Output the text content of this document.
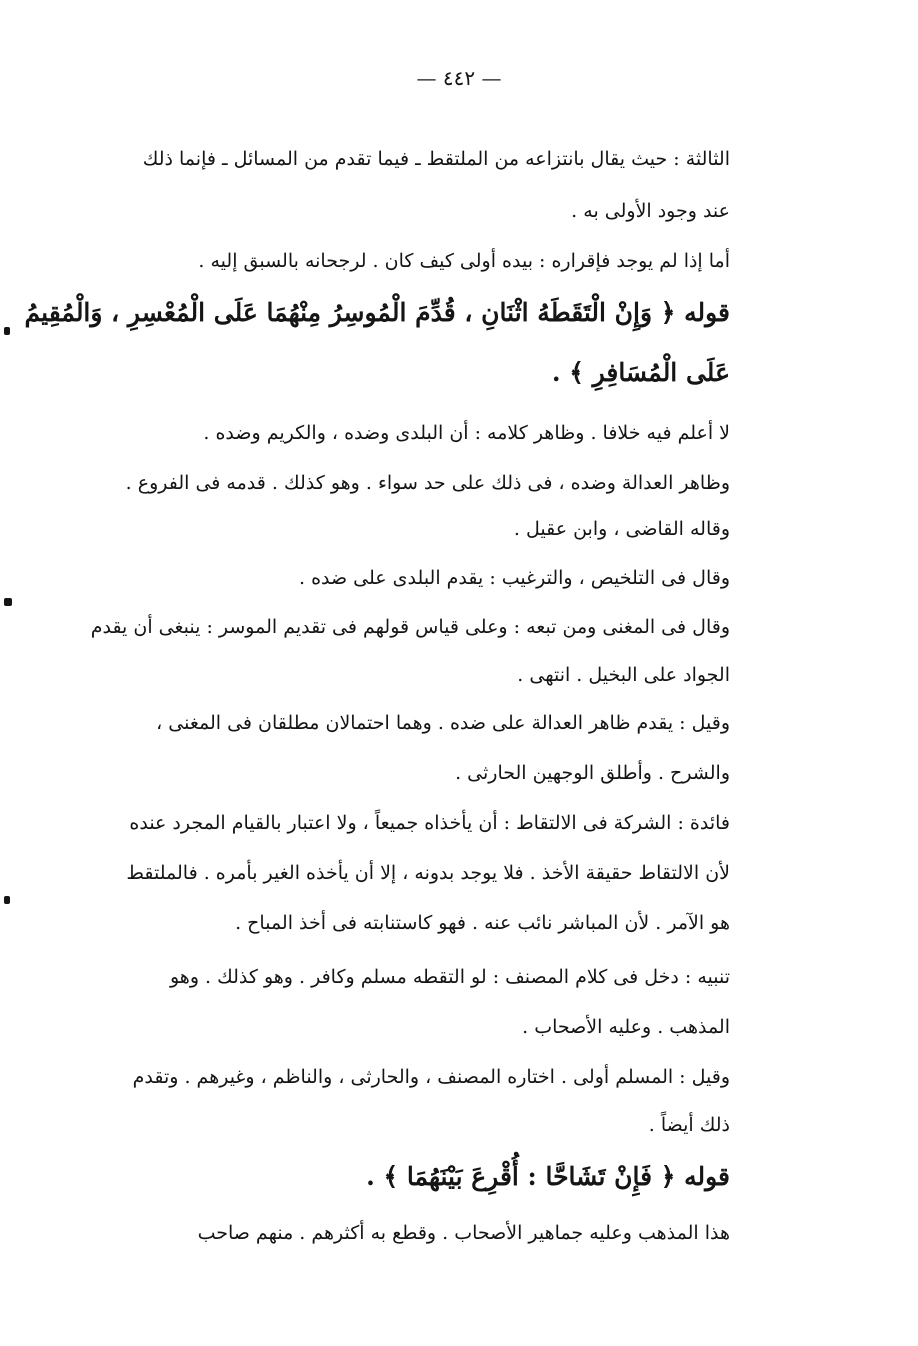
— ٤٤٢ —
الثالثة : حيث يقال بانتزاعه من الملتقط ـ فيما تقدم من المسائل ـ فإنما ذلك
عند وجود الأولى به .
أما إذا لم يوجد فإقراره : بيده أولى كيف كان . لرجحانه بالسبق إليه .
قوله ﴿ وَإِنْ الْتَقَطَهُ اثْنَانِ ، قُدِّمَ الْمُوسِرُ مِنْهُمَا عَلَى الْمُعْسِرِ ، وَالْمُقِيمُ
عَلَى الْمُسَافِرِ ﴾ .
لا أعلم فيه خلافا . وظاهر كلامه : أن البلدى وضده ، والكريم وضده .
وظاهر العدالة وضده ، فى ذلك على حد سواء . وهو كذلك . قدمه فى الفروع .
وقاله القاضى ، وابن عقيل .
وقال فى التلخيص ، والترغيب : يقدم البلدى على ضده .
وقال فى المغنى ومن تبعه : وعلى قياس قولهم فى تقديم الموسر : ينبغى أن يقدم
الجواد على البخيل . انتهى .
وقيل : يقدم ظاهر العدالة على ضده . وهما احتمالان مطلقان فى المغنى ،
والشرح . وأطلق الوجهين الحارثى .
فائدة : الشركة فى الالتقاط : أن يأخذاه جميعاً ، ولا اعتبار بالقيام المجرد عنده
لأن الالتقاط حقيقة الأخذ . فلا يوجد بدونه ، إلا أن يأخذه الغير بأمره . فالملتقط
هو الآمر . لأن المباشر نائب عنه . فهو كاستنابته فى أخذ المباح .
تنبيه : دخل فى كلام المصنف : لو التقطه مسلم وكافر . وهو كذلك . وهو
المذهب . وعليه الأصحاب .
وقيل : المسلم أولى . اختاره المصنف ، والحارثى ، والناظم ، وغيرهم . وتقدم
ذلك أيضاً .
قوله ﴿ فَإِنْ تَشَاحَّا : أُقْرِعَ بَيْنَهُمَا ﴾ .
هذا المذهب وعليه جماهير الأصحاب . وقطع به أكثرهم . منهم صاحب
